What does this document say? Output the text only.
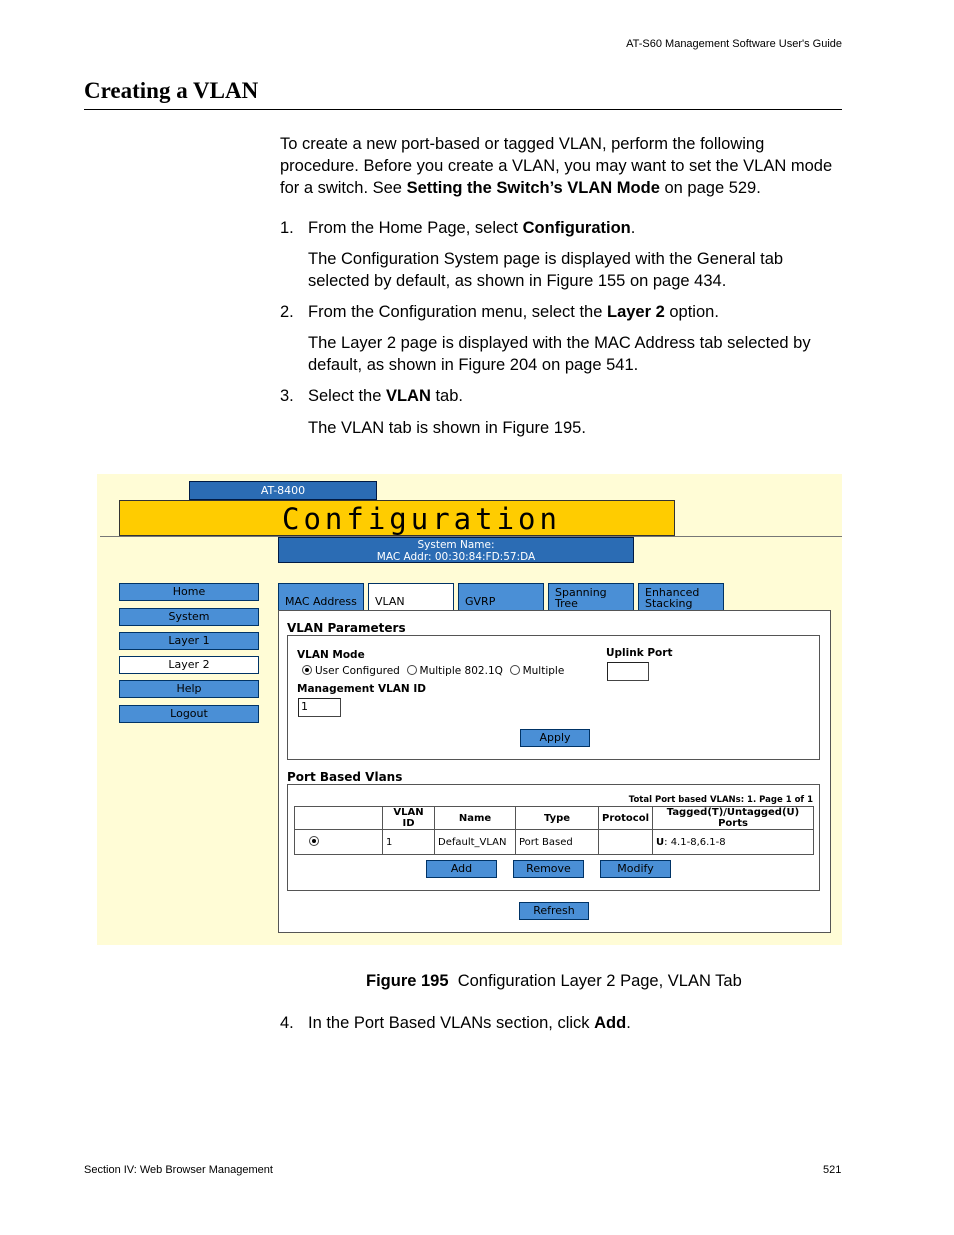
AT-S60 Management Software User's Guide
Creating a VLAN

To create a new port-based or tagged VLAN, perform the following procedure. Before you create a VLAN, you may want to set the VLAN mode for a switch. See Setting the Switch’s VLAN Mode on page 529.

1. From the Home Page, select Configuration.

The Configuration System page is displayed with the General tab selected by default, as shown in Figure 155 on page 434.

2. From the Configuration menu, select the Layer 2 option.

The Layer 2 page is displayed with the MAC Address tab selected by default, as shown in Figure 204 on page 541.

3. Select the VLAN tab.

The VLAN tab is shown in Figure 195.

AT-8400
Configuration
System Name:
MAC Addr: 00:30:84:FD:57:DA
Home
System
Layer 1
Layer 2
Help
Logout
MAC Address	VLAN	GVRP
Spanning Tree
Enhanced Stacking
VLAN Parameters
VLAN Mode
User Configured Multiple 802.1Q Multiple
Management VLAN ID
1
Uplink Port
Apply
Port Based Vlans
Total Port based VLANs: 1. Page 1 of 1
	VLAN ID	Name	Type	Protocol	Tagged(T)/Untagged(U) Ports
	1	Default_VLAN	Port Based		U: 4.1-8,6.1-8
Add	Remove	Modify
Refresh
Figure 195 Configuration Layer 2 Page, VLAN Tab
4. In the Port Based VLANs section, click Add.

Section IV: Web Browser Management	521
